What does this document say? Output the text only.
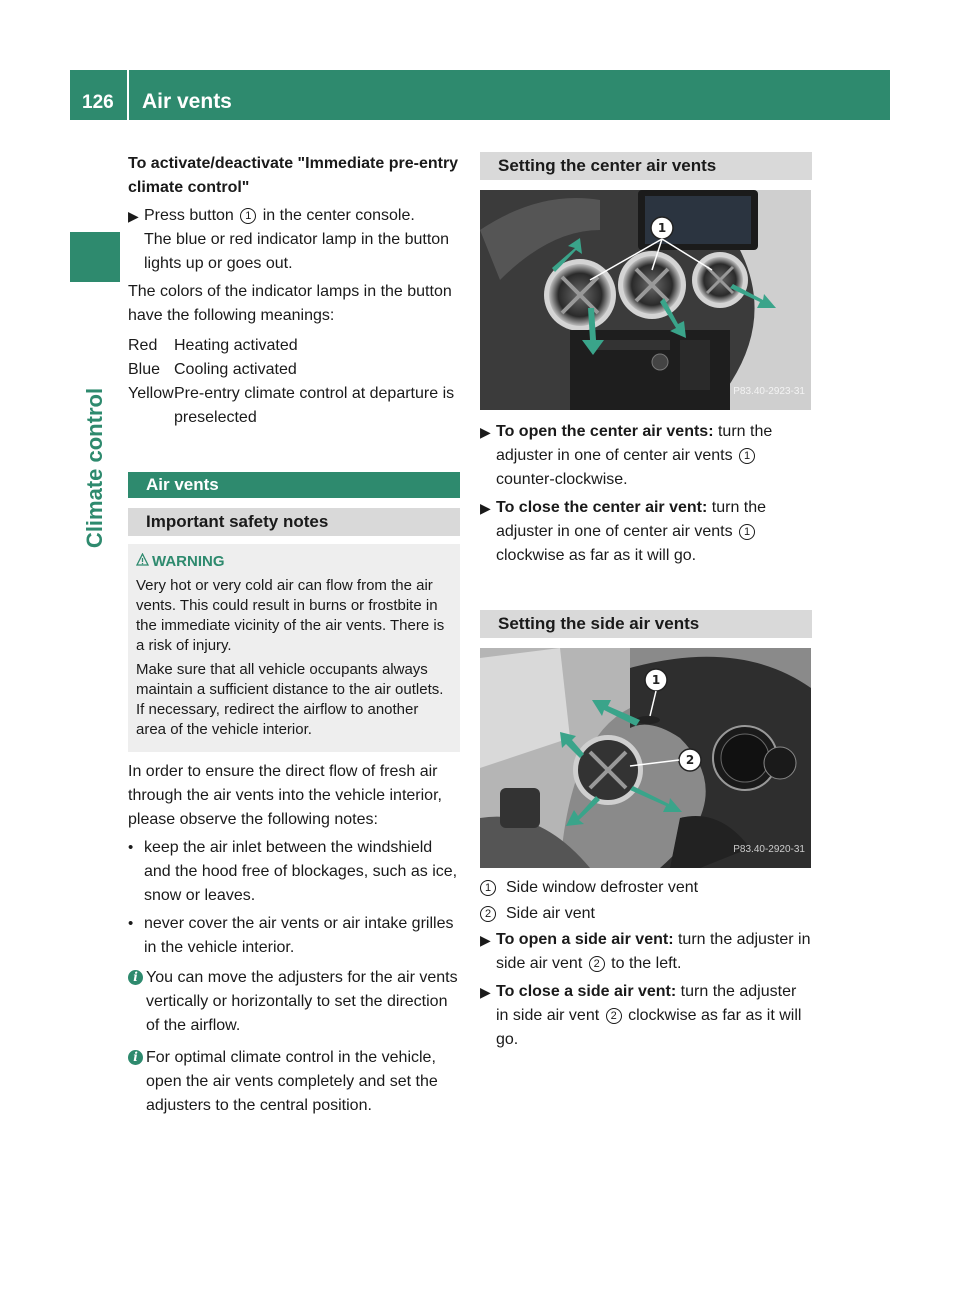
126 Air vents
Climate control

To activate/deactivate "Immediate pre-entry climate control"

▶ Press button 1 in the center console.
The blue or red indicator lamp in the button lights up or goes out.

The colors of the indicator lamps in the button have the following meanings:

Red	Heating activated
Blue	Cooling activated
Yellow	Pre-entry climate control at departure is preselected
Air vents
Important safety notes
WARNING

Very hot or very cold air can flow from the air vents. This could result in burns or frostbite in the immediate vicinity of the air vents. There is a risk of injury.

Make sure that all vehicle occupants always maintain a sufficient distance to the air outlets. If necessary, redirect the airflow to another area of the vehicle interior.

In order to ensure the direct flow of fresh air through the air vents into the vehicle interior, please observe the following notes:

• keep the air inlet between the windshield and the hood free of blockages, such as ice, snow or leaves.
• never cover the air vents or air intake grilles in the vehicle interior.
i You can move the adjusters for the air vents vertically or horizontally to set the direction of the airflow.
i For optimal climate control in the vehicle, open the air vents completely and set the adjusters to the central position.
Setting the center air vents
1
P83.40-2923-31
▶ To open the center air vents: turn the adjuster in one of center air vents 1 counter-clockwise.
▶ To close the center air vent: turn the adjuster in one of center air vents 1 clockwise as far as it will go.
Setting the side air vents
1
2
P83.40-2920-31
1 Side window defroster vent
2 Side air vent
▶ To open a side air vent: turn the adjuster in side air vent 2 to the left.
▶ To close a side air vent: turn the adjuster in side air vent 2 clockwise as far as it will go.
